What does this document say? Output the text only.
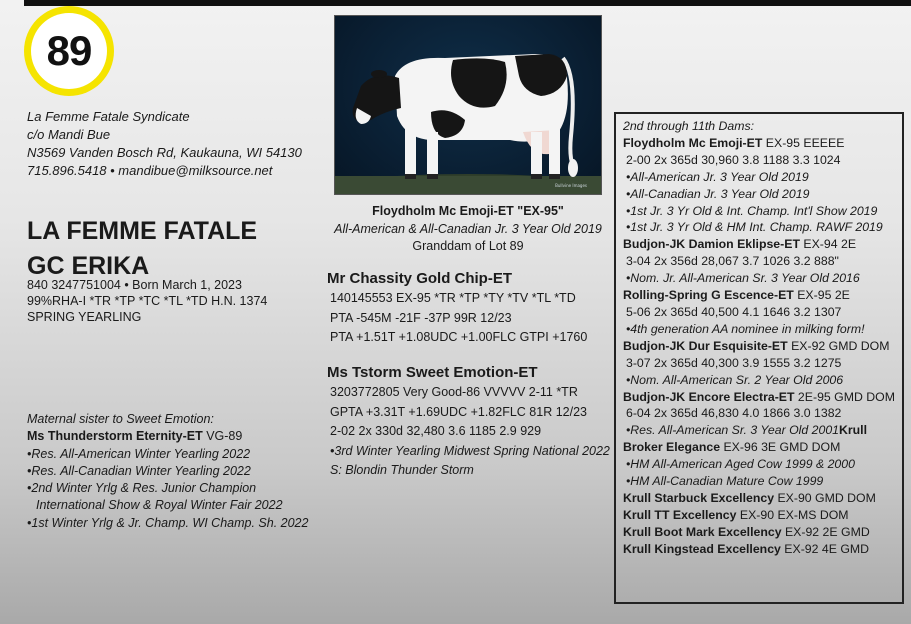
89
La Femme Fatale Syndicate
c/o Mandi Bue
N3569 Vanden Bosch Rd, Kaukauna, WI 54130
715.896.5418 • mandibue@milksource.net
LA FEMME FATALE
GC ERIKA
840 3247751004 • Born March 1, 2023
99%RHA-I *TR *TP *TC *TL *TD H.N. 1374
SPRING YEARLING
Maternal sister to Sweet Emotion:
Ms Thunderstorm Eternity-ET VG-89
•Res. All-American Winter Yearling 2022
•Res. All-Canadian Winter Yearling 2022
•2nd Winter Yrlg & Res. Junior Champion
International Show & Royal Winter Fair 2022
•1st Winter Yrlg & Jr. Champ. WI Champ. Sh. 2022
Bullvine Images
Floydholm Mc Emoji-ET "EX-95"
All-American & All-Canadian Jr. 3 Year Old 2019
Granddam of Lot 89
Mr Chassity Gold Chip-ET
140145553 EX-95 *TR *TP *TY *TV *TL *TD
PTA -545M -21F -37P 99R 12/23
PTA +1.51T +1.08UDC +1.00FLC GTPI +1760
Ms Tstorm Sweet Emotion-ET
3203772805 Very Good-86 VVVVV 2-11 *TR
GPTA +3.31T +1.69UDC +1.82FLC 81R 12/23
2-02 2x 330d 32,480 3.6 1185 2.9 929
•3rd Winter Yearling Midwest Spring National 2022
S: Blondin Thunder Storm
2nd through 11th Dams:
Floydholm Mc Emoji-ET EX-95 EEEEE
2-00 2x 365d 30,960 3.8 1188 3.3 1024
•All-American Jr. 3 Year Old 2019
•All-Canadian Jr. 3 Year Old 2019
•1st Jr. 3 Yr Old & Int. Champ. Int'l Show 2019
•1st Jr. 3 Yr Old & HM Int. Champ. RAWF 2019
Budjon-JK Damion Eklipse-ET EX-94 2E
3-04 2x 356d 28,067 3.7 1026 3.2 888"
•Nom. Jr. All-American Sr. 3 Year Old 2016
Rolling-Spring G Escence-ET EX-95 2E
5-06 2x 365d 40,500 4.1 1646 3.2 1307
•4th generation AA nominee in milking form!
Budjon-JK Dur Esquisite-ET EX-92 GMD DOM
3-07 2x 365d 40,300 3.9 1555 3.2 1275
•Nom. All-American Sr. 2 Year Old 2006
Budjon-JK Encore Electra-ET 2E-95 GMD DOM
6-04 2x 365d 46,830 4.0 1866 3.0 1382
•Res. All-American Sr. 3 Year Old 2001Krull
Broker Elegance EX-96 3E GMD DOM
•HM All-American Aged Cow 1999 & 2000
•HM All-Canadian Mature Cow 1999
Krull Starbuck Excellency EX-90 GMD DOM
Krull TT Excellency EX-90 EX-MS DOM
Krull Boot Mark Excellency EX-92 2E GMD
Krull Kingstead Excellency EX-92 4E GMD
